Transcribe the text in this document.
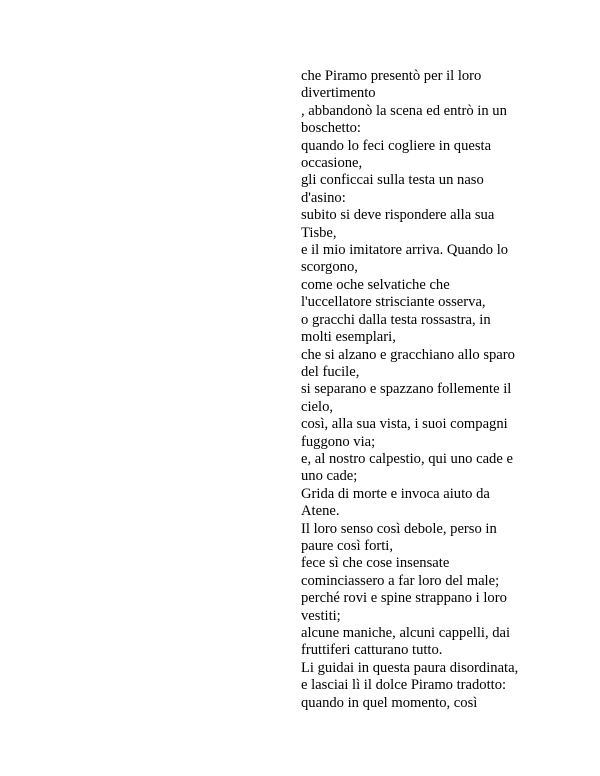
che Piramo presentò per il loro
divertimento
, abbandonò la scena ed entrò in un
boschetto:
quando lo feci cogliere in questa
occasione,
gli conficcai sulla testa un naso
d'asino:
subito si deve rispondere alla sua
Tisbe,
e il mio imitatore arriva. Quando lo
scorgono,
come oche selvatiche che
l'uccellatore strisciante osserva,
o gracchi dalla testa rossastra, in
molti esemplari,
che si alzano e gracchiano allo sparo
del fucile,
si separano e spazzano follemente il
cielo,
così, alla sua vista, i suoi compagni
fuggono via;
e, al nostro calpestio, qui uno cade e
uno cade;
Grida di morte e invoca aiuto da
Atene.
Il loro senso così debole, perso in
paure così forti,
fece sì che cose insensate
cominciassero a far loro del male;
perché rovi e spine strappano i loro
vestiti;
alcune maniche, alcuni cappelli, dai
fruttiferi catturano tutto.
Li guidai in questa paura disordinata,
e lasciai lì il dolce Piramo tradotto:
quando in quel momento, così
